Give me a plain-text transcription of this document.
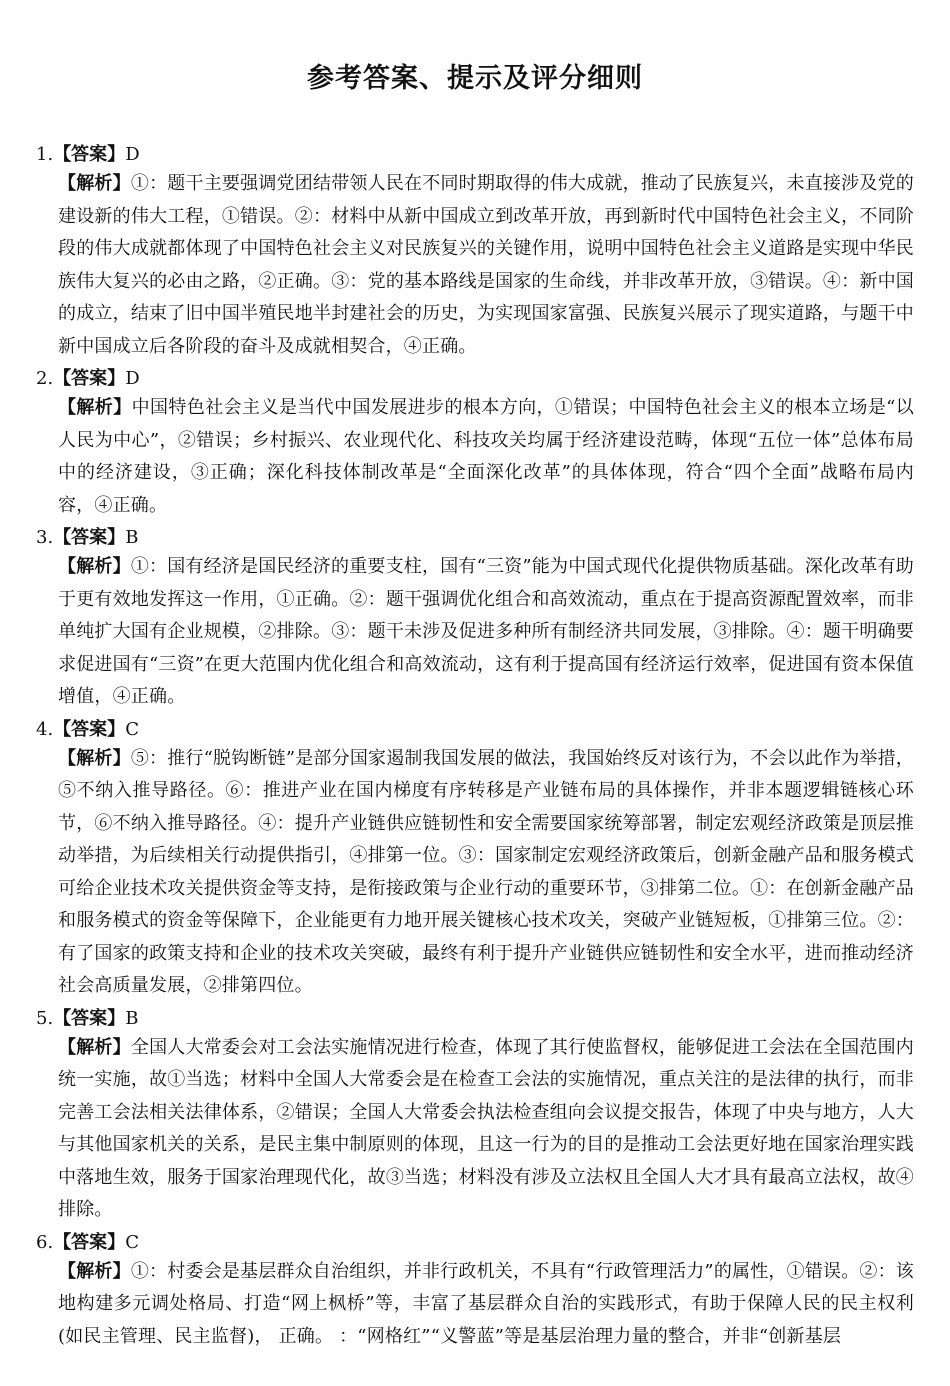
参考答案、提示及评分细则

1.【答案】D

【解析】①：题干主要强调党团结带领人民在不同时期取得的伟大成就，推动了民族复兴，未直接涉及党的建设新的伟大工程，①错误。②：材料中从新中国成立到改革开放，再到新时代中国特色社会主义，不同阶段的伟大成就都体现了中国特色社会主义对民族复兴的关键作用，说明中国特色社会主义道路是实现中华民族伟大复兴的必由之路，②正确。③：党的基本路线是国家的生命线，并非改革开放，③错误。④：新中国的成立，结束了旧中国半殖民地半封建社会的历史，为实现国家富强、民族复兴展示了现实道路，与题干中新中国成立后各阶段的奋斗及成就相契合，④正确。

2.【答案】D

【解析】中国特色社会主义是当代中国发展进步的根本方向，①错误；中国特色社会主义的根本立场是“以人民为中心”，②错误；乡村振兴、农业现代化、科技攻关均属于经济建设范畴，体现“五位一体”总体布局中的经济建设，③正确；深化科技体制改革是“全面深化改革”的具体体现，符合“四个全面”战略布局内容，④正确。

3.【答案】B

【解析】①：国有经济是国民经济的重要支柱，国有“三资”能为中国式现代化提供物质基础。深化改革有助于更有效地发挥这一作用，①正确。②：题干强调优化组合和高效流动，重点在于提高资源配置效率，而非单纯扩大国有企业规模，②排除。③：题干未涉及促进多种所有制经济共同发展，③排除。④：题干明确要求促进国有“三资”在更大范围内优化组合和高效流动，这有利于提高国有经济运行效率，促进国有资本保值增值，④正确。

4.【答案】C

【解析】⑤：推行“脱钩断链”是部分国家遏制我国发展的做法，我国始终反对该行为，不会以此作为举措，⑤不纳入推导路径。⑥：推进产业在国内梯度有序转移是产业链布局的具体操作，并非本题逻辑链核心环节，⑥不纳入推导路径。④：提升产业链供应链韧性和安全需要国家统筹部署，制定宏观经济政策是顶层推动举措，为后续相关行动提供指引，④排第一位。③：国家制定宏观经济政策后，创新金融产品和服务模式可给企业技术攻关提供资金等支持，是衔接政策与企业行动的重要环节，③排第二位。①：在创新金融产品和服务模式的资金等保障下，企业能更有力地开展关键核心技术攻关，突破产业链短板，①排第三位。②：有了国家的政策支持和企业的技术攻关突破，最终有利于提升产业链供应链韧性和安全水平，进而推动经济社会高质量发展，②排第四位。

5.【答案】B

【解析】全国人大常委会对工会法实施情况进行检查，体现了其行使监督权，能够促进工会法在全国范围内统一实施，故①当选；材料中全国人大常委会是在检查工会法的实施情况，重点关注的是法律的执行，而非完善工会法相关法律体系，②错误；全国人大常委会执法检查组向会议提交报告，体现了中央与地方，人大与其他国家机关的关系，是民主集中制原则的体现，且这一行为的目的是推动工会法更好地在国家治理实践中落地生效，服务于国家治理现代化，故③当选；材料没有涉及立法权且全国人大才具有最高立法权，故④排除。

6.【答案】C

【解析】①：村委会是基层群众自治组织，并非行政机关，不具有“行政管理活力”的属性，①错误。②：该地构建多元调处格局、打造“网上枫桥”等，丰富了基层群众自治的实践形式，有助于保障人民的民主权利(如民主管理、民主监督)， 正确。 ：“网格红”“义警蓝”等是基层治理力量的整合，并非“创新基层
